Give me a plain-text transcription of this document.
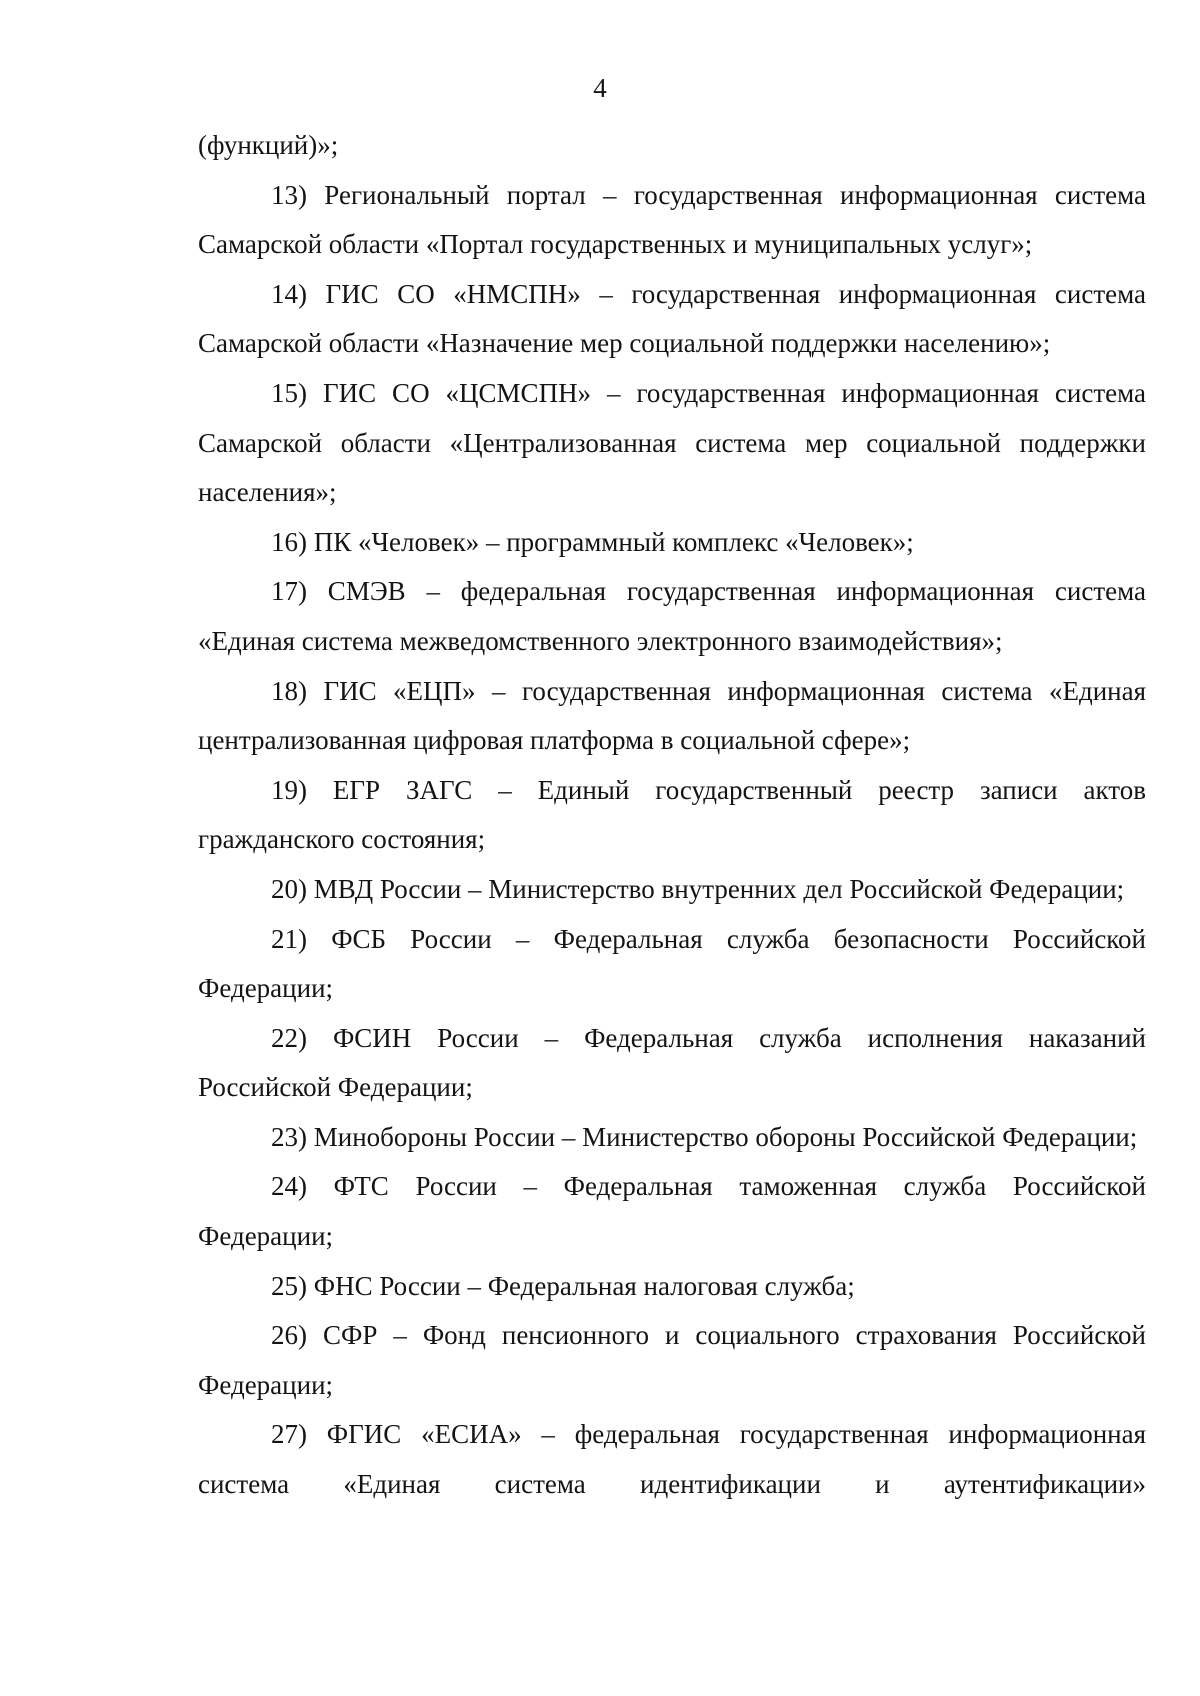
4

(функций)»;

13) Региональный портал – государственная информационная система Самарской области «Портал государственных и муниципальных услуг»;

14) ГИС СО «НМСПН» – государственная информационная система Самарской области «Назначение мер социальной поддержки населению»;

15) ГИС СО «ЦСМСПН» – государственная информационная система Самарской области «Централизованная система мер социальной поддержки населения»;

16) ПК «Человек» – программный комплекс «Человек»;

17) СМЭВ – федеральная государственная информационная система «Единая система межведомственного электронного взаимодействия»;

18) ГИС «ЕЦП» – государственная информационная система «Единая централизованная цифровая платформа в социальной сфере»;

19) ЕГР ЗАГС – Единый государственный реестр записи актов гражданского состояния;

20) МВД России – Министерство внутренних дел Российской Федерации;

21) ФСБ России – Федеральная служба безопасности Российской Федерации;

22) ФСИН России – Федеральная служба исполнения наказаний Российской Федерации;

23) Минобороны России – Министерство обороны Российской Федерации;

24) ФТС России – Федеральная таможенная служба Российской Федерации;

25) ФНС России – Федеральная налоговая служба;

26) СФР – Фонд пенсионного и социального страхования Российской Федерации;

27) ФГИС «ЕСИА» – федеральная государственная информационная система «Единая система идентификации и аутентификации»
